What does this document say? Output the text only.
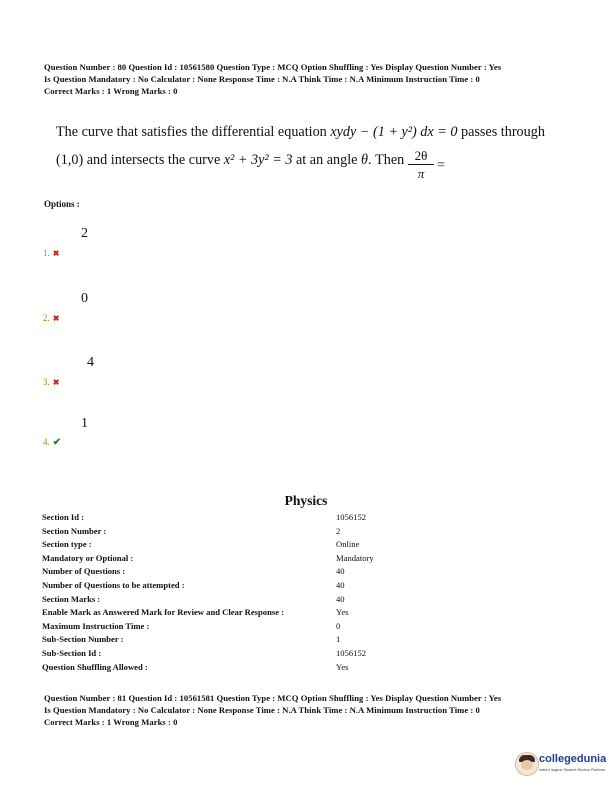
Question Number : 80 Question Id : 10561580 Question Type : MCQ Option Shuffling : Yes Display Question Number : Yes
Is Question Mandatory : No Calculator : None Response Time : N.A Think Time : N.A Minimum Instruction Time : 0
Correct Marks : 1 Wrong Marks : 0
The curve that satisfies the differential equation xydy − (1 + y²) dx = 0 passes through
(1,0) and intersects the curve x² + 3y² = 3 at an angle θ. Then $\frac{2\theta}{\pi}$ =
Options :
2
1. ✖
0
2. ✖
4
3. ✖
1
4. ✔
Physics
Section Id :	1056152
Section Number :	2
Section type :	Online
Mandatory or Optional :	Mandatory
Number of Questions :	40
Number of Questions to be attempted :	40
Section Marks :	40
Enable Mark as Answered Mark for Review and Clear Response :	Yes
Maximum Instruction Time :	0
Sub-Section Number :	1
Sub-Section Id :	1056152
Question Shuffling Allowed :	Yes
Question Number : 81 Question Id : 10561581 Question Type : MCQ Option Shuffling : Yes Display Question Number : Yes
Is Question Mandatory : No Calculator : None Response Time : N.A Think Time : N.A Minimum Instruction Time : 0
Correct Marks : 1 Wrong Marks : 0
collegedunia
India's largest Student Review Platform
